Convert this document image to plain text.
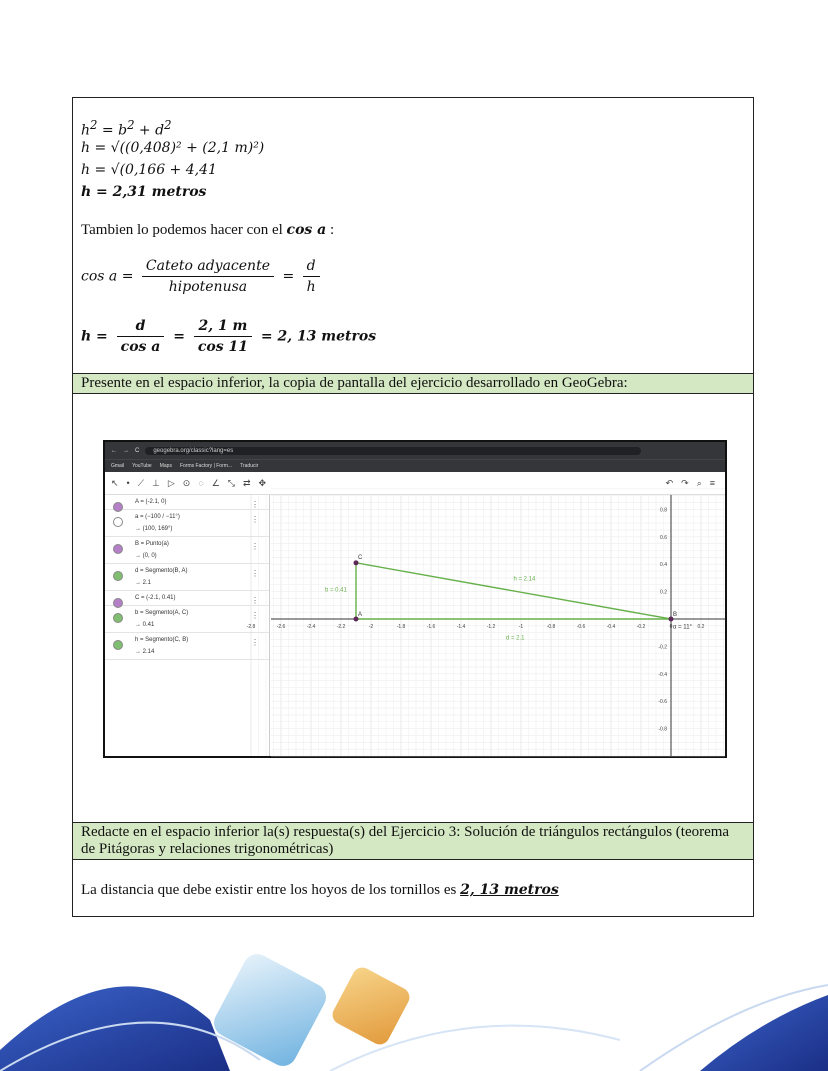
$h^2 = b^2 + d^2$
h = √((0,408)² + (2,1 m)²)
h = √(0,166 + 4,41
h = 2,31 metros
Tambien lo podemos hacer con el cos a :
$\cos a = \frac{\text{Cateto adyacente}}{\text{hipotenusa}} = \frac{d}{h}$
$h = \frac{d}{\text{cos a}} = \frac{2, 1 m}{\cos 11} = 2$, 13 metros
Presente en el espacio inferior, la copia de pantalla del ejercicio desarrollado en GeoGebra:
← → C	geogebra.org/classic?lang=es
Gmail YouTube Maps Forms Factory | Form... Traducir
↖ • ⟋ ⊥ ▷ ⊙ ◌ ∠ ⤡ ⇄ ✥	↶ ↷ ⌕ ≡
A = (-2.1, 0)	⋮
a = (−100 / −11°)
→ (100, 169°)
⋮
B = Punto(a)
→ (0, 0)
⋮
d = Segmento(B, A)
→ 2.1
⋮
C = (-2.1, 0.41)	⋮
b = Segmento(A, C)
→ 0.41
⋮
h = Segmento(C, B)
→ 2.14
⋮
-2.8	-2.6	-2.4	-2.2	-2	-1.8	-1.6	-1.4	-1.2	-1	-0.8	-0.6	-0.4	-0.2	0	0.2
0.8
0.6
0.4
0.2
-0.2
-0.4
-0.6
-0.8
A	B
C
b = 0.41
h = 2.14
d = 2.1
α = 11°
Redacte en el espacio inferior la(s) respuesta(s) del Ejercicio 3: Solución de triángulos rectángulos (teorema de Pitágoras y relaciones trigonométricas)
La distancia que debe existir entre los hoyos de los tornillos es 2, 13 metros
